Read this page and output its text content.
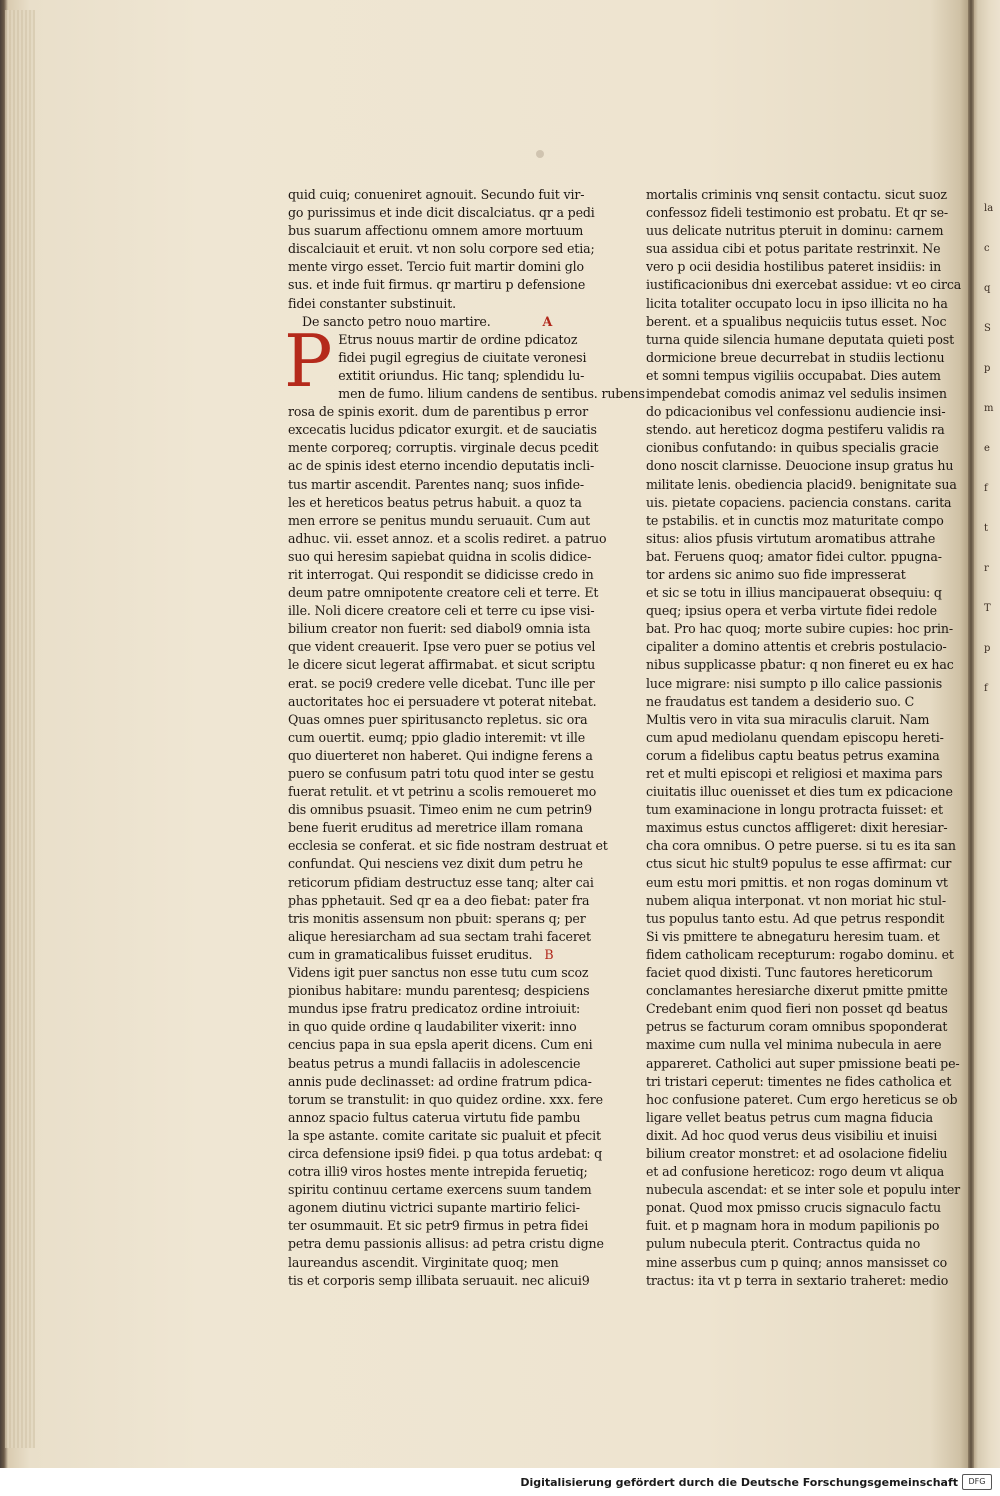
quid cuiq; conueniret agnouit. Secundo fuit vir-
go purissimus et inde dicit discalciatus. qr a pedi
bus suarum affectionu omnem amore mortuum
discalciauit et eruit. vt non solu corpore sed etia;
mente virgo esset. Tercio fuit martir domini glo
sus. et inde fuit firmus. qr martiru p defensione
fidei constanter substinuit.
De sancto petro nouo martire.	A
P Etrus nouus martir de ordine pdicatoz
fidei pugil egregius de ciuitate veronesi
extitit oriundus. Hic tanq; splendidu lu-
men de fumo. lilium candens de sentibus. rubens
rosa de spinis exorit. dum de parentibus p error
excecatis lucidus pdicator exurgit. et de sauciatis
mente corporeq; corruptis. virginale decus pcedit
ac de spinis idest eterno incendio deputatis incli-
tus martir ascendit. Parentes nanq; suos infide-
les et hereticos beatus petrus habuit. a quoz ta
men errore se penitus mundu seruauit. Cum aut
adhuc. vii. esset annoz. et a scolis rediret. a patruo
suo qui heresim sapiebat quidna in scolis didice-
rit interrogat. Qui respondit se didicisse credo in
deum patre omnipotente creatore celi et terre. Et
ille. Noli dicere creatore celi et terre cu ipse visi-
bilium creator non fuerit: sed diabol9 omnia ista
que vident creauerit. Ipse vero puer se potius vel
le dicere sicut legerat affirmabat. et sicut scriptu
erat. se poci9 credere velle dicebat. Tunc ille per
auctoritates hoc ei persuadere vt poterat nitebat.
Quas omnes puer spiritusancto repletus. sic ora
cum ouertit. eumq; ppio gladio interemit: vt ille
quo diuerteret non haberet. Qui indigne ferens a
puero se confusum patri totu quod inter se gestu
fuerat retulit. et vt petrinu a scolis remoueret mo
dis omnibus psuasit. Timeo enim ne cum petrin9
bene fuerit eruditus ad meretrice illam romana
ecclesia se conferat. et sic fide nostram destruat et
confundat. Qui nesciens vez dixit dum petru he
reticorum pfidiam destructuz esse tanq; alter cai
phas pphetauit. Sed qr ea a deo fiebat: pater fra
tris monitis assensum non pbuit: sperans q; per
alique heresiarcham ad sua sectam trahi faceret
cum in gramaticalibus fuisset eruditus. B
Videns igit puer sanctus non esse tutu cum scoz
pionibus habitare: mundu parentesq; despiciens
mundus ipse fratru predicatoz ordine introiuit:
in quo quide ordine q laudabiliter vixerit: inno
cencius papa in sua epsla aperit dicens. Cum eni
beatus petrus a mundi fallaciis in adolescencie
annis pude declinasset: ad ordine fratrum pdica-
torum se transtulit: in quo quidez ordine. xxx. fere
annoz spacio fultus caterua virtutu fide pambu
la spe astante. comite caritate sic pualuit et pfecit
circa defensione ipsi9 fidei. p qua totus ardebat: q
cotra illi9 viros hostes mente intrepida feruetiq;
spiritu continuu certame exercens suum tandem
agonem diutinu victrici supante martirio felici-
ter osummauit. Et sic petr9 firmus in petra fidei
petra demu passionis allisus: ad petra cristu digne
laureandus ascendit. Virginitate quoq; men
tis et corporis semp illibata seruauit. nec alicui9
mortalis criminis vnq sensit contactu. sicut suoz
confessoz fideli testimonio est probatu. Et qr se-
uus delicate nutritus pteruit in dominu: carnem
sua assidua cibi et potus paritate restrinxit. Ne
vero p ocii desidia hostilibus pateret insidiis: in
iustificacionibus dni exercebat assidue: vt eo circa
licita totaliter occupato locu in ipso illicita no ha
berent. et a spualibus nequiciis tutus esset. Noc
turna quide silencia humane deputata quieti post
dormicione breue decurrebat in studiis lectionu
et somni tempus vigiliis occupabat. Dies autem
impendebat comodis animaz vel sedulis insimen
do pdicacionibus vel confessionu audiencie insi-
stendo. aut hereticoz dogma pestiferu validis ra
cionibus confutando: in quibus specialis gracie
dono noscit clarnisse. Deuocione insup gratus hu
militate lenis. obediencia placid9. benignitate sua
uis. pietate copaciens. paciencia constans. carita
te pstabilis. et in cunctis moz maturitate compo
situs: alios pfusis virtutum aromatibus attrahe
bat. Feruens quoq; amator fidei cultor. ppugna-
tor ardens sic animo suo fide impresserat
et sic se totu in illius mancipauerat obsequiu: q
queq; ipsius opera et verba virtute fidei redole
bat. Pro hac quoq; morte subire cupies: hoc prin-
cipaliter a domino attentis et crebris postulacio-
nibus supplicasse pbatur: q non fineret eu ex hac
luce migrare: nisi sumpto p illo calice passionis
ne fraudatus est tandem a desiderio suo. C
Multis vero in vita sua miraculis claruit. Nam
cum apud mediolanu quendam episcopu hereti-
corum a fidelibus captu beatus petrus examina
ret et multi episcopi et religiosi et maxima pars
ciuitatis illuc ouenisset et dies tum ex pdicacione
tum examinacione in longu protracta fuisset: et
maximus estus cunctos affligeret: dixit heresiar-
cha cora omnibus. O petre puerse. si tu es ita san
ctus sicut hic stult9 populus te esse affirmat: cur
eum estu mori pmittis. et non rogas dominum vt
nubem aliqua interponat. vt non moriat hic stul-
tus populus tanto estu. Ad que petrus respondit
Si vis pmittere te abnegaturu heresim tuam. et
fidem catholicam recepturum: rogabo dominu. et
faciet quod dixisti. Tunc fautores hereticorum
conclamantes heresiarche dixerut pmitte pmitte
Credebant enim quod fieri non posset qd beatus
petrus se facturum coram omnibus spoponderat
maxime cum nulla vel minima nubecula in aere
appareret. Catholici aut super pmissione beati pe-
tri tristari ceperut: timentes ne fides catholica et
hoc confusione pateret. Cum ergo hereticus se ob
ligare vellet beatus petrus cum magna fiducia
dixit. Ad hoc quod verus deus visibiliu et inuisi
bilium creator monstret: et ad osolacione fideliu
et ad confusione hereticoz: rogo deum vt aliqua
nubecula ascendat: et se inter sole et populu inter
ponat. Quod mox pmisso crucis signaculo factu
fuit. et p magnam hora in modum papilionis po
pulum nubecula pterit. Contractus quida no
mine asserbus cum p quinq; annos mansisset co
tractus: ita vt p terra in sextario traheret: medio
la
c
q
S
p
m
e
f
t
r
T
p
f
Digitalisierung gefördert durch die Deutsche Forschungsgemeinschaft	DFG
